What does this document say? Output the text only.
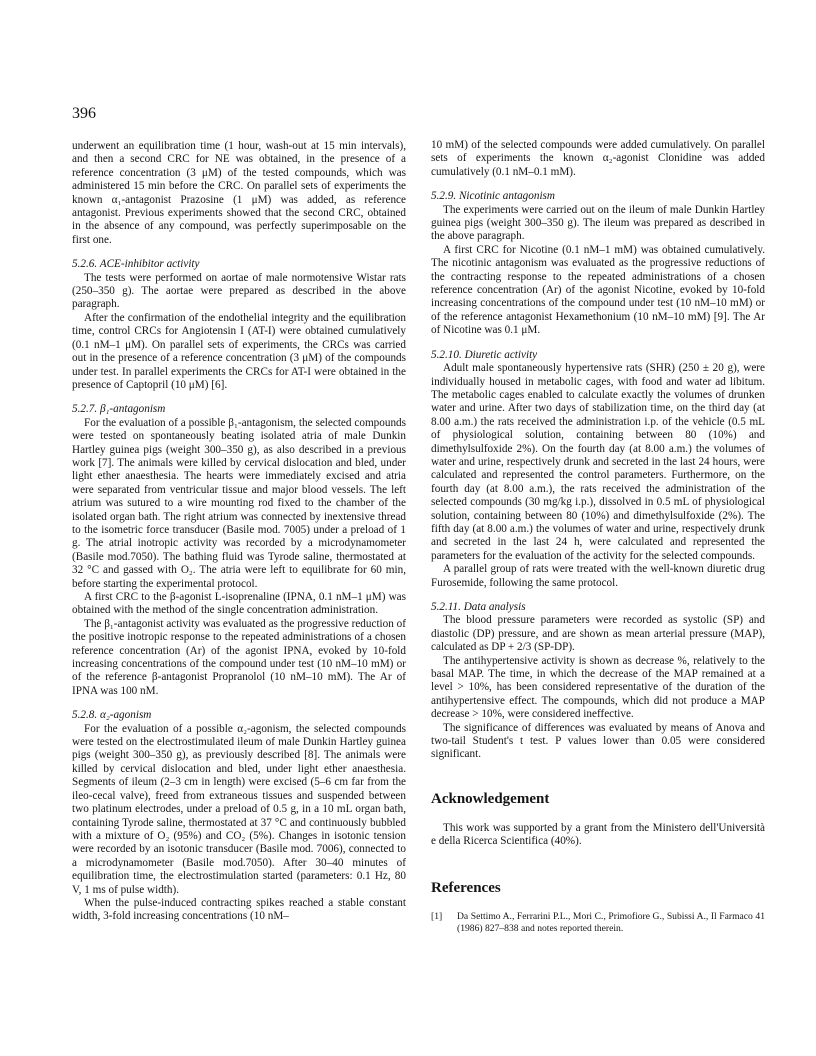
396

underwent an equilibration time (1 hour, wash-out at 15 min intervals), and then a second CRC for NE was obtained, in the presence of a reference concentration (3 μM) of the tested compounds, which was administered 15 min before the CRC. On parallel sets of experiments the known α₁-antagonist Prazosine (1 μM) was added, as reference antagonist. Previous experiments showed that the second CRC, obtained in the absence of any compound, was perfectly superimposable on the first one.

5.2.6. ACE-inhibitor activity

The tests were performed on aortae of male normotensive Wistar rats (250–350 g). The aortae were prepared as described in the above paragraph.

After the confirmation of the endothelial integrity and the equilibration time, control CRCs for Angiotensin I (AT-I) were obtained cumulatively (0.1 nM–1 μM). On parallel sets of experiments, the CRCs was carried out in the presence of a reference concentration (3 μM) of the compounds under test. In parallel experiments the CRCs for AT-I were obtained in the presence of Captopril (10 μM) [6].

5.2.7. β₁-antagonism

For the evaluation of a possible β₁-antagonism, the selected compounds were tested on spontaneously beating isolated atria of male Dunkin Hartley guinea pigs (weight 300–350 g), as also described in a previous work [7]. The animals were killed by cervical dislocation and bled, under light ether anaesthesia. The hearts were immediately excised and atria were separated from ventricular tissue and major blood vessels. The left atrium was sutured to a wire mounting rod fixed to the chamber of the isolated organ bath. The right atrium was connected by inextensive thread to the isometric force transducer (Basile mod. 7005) under a preload of 1 g. The atrial inotropic activity was recorded by a microdynamometer (Basile mod.7050). The bathing fluid was Tyrode saline, thermostated at 32 °C and gassed with O₂. The atria were left to equilibrate for 60 min, before starting the experimental protocol.

A first CRC to the β-agonist L-isoprenaline (IPNA, 0.1 nM–1 μM) was obtained with the method of the single concentration administration.

The β₁-antagonist activity was evaluated as the progressive reduction of the positive inotropic response to the repeated administrations of a chosen reference concentration (Ar) of the agonist IPNA, evoked by 10-fold increasing concentrations of the compound under test (10 nM–10 mM) or of the reference β-antagonist Propranolol (10 nM–10 mM). The Ar of IPNA was 100 nM.

5.2.8. α₂-agonism

For the evaluation of a possible α₂-agonism, the selected compounds were tested on the electrostimulated ileum of male Dunkin Hartley guinea pigs (weight 300–350 g), as previously described [8]. The animals were killed by cervical dislocation and bled, under light ether anaesthesia. Segments of ileum (2–3 cm in length) were excised (5–6 cm far from the ileo-cecal valve), freed from extraneous tissues and suspended between two platinum electrodes, under a preload of 0.5 g, in a 10 mL organ bath, containing Tyrode saline, thermostated at 37 °C and continuously bubbled with a mixture of O₂ (95%) and CO₂ (5%). Changes in isotonic tension were recorded by an isotonic transducer (Basile mod. 7006), connected to a microdynamometer (Basile mod.7050). After 30–40 minutes of equilibration time, the electrostimulation started (parameters: 0.1 Hz, 80 V, 1 ms of pulse width).

When the pulse-induced contracting spikes reached a stable constant width, 3-fold increasing concentrations (10 nM–

10 mM) of the selected compounds were added cumulatively. On parallel sets of experiments the known α₂-agonist Clonidine was added cumulatively (0.1 nM–0.1 mM).

5.2.9. Nicotinic antagonism

The experiments were carried out on the ileum of male Dunkin Hartley guinea pigs (weight 300–350 g). The ileum was prepared as described in the above paragraph.

A first CRC for Nicotine (0.1 nM–1 mM) was obtained cumulatively. The nicotinic antagonism was evaluated as the progressive reductions of the contracting response to the repeated administrations of a chosen reference concentration (Ar) of the agonist Nicotine, evoked by 10-fold increasing concentrations of the compound under test (10 nM–10 mM) or of the reference antagonist Hexamethonium (10 nM–10 mM) [9]. The Ar of Nicotine was 0.1 μM.

5.2.10. Diuretic activity

Adult male spontaneously hypertensive rats (SHR) (250 ± 20 g), were individually housed in metabolic cages, with food and water ad libitum. The metabolic cages enabled to calculate exactly the volumes of drunken water and urine. After two days of stabilization time, on the third day (at 8.00 a.m.) the rats received the administration i.p. of the vehicle (0.5 mL of physiological solution, containing between 80 (10%) and dimethylsulfoxide 2%). On the fourth day (at 8.00 a.m.) the volumes of water and urine, respectively drunk and secreted in the last 24 hours, were calculated and represented the control parameters. Furthermore, on the fourth day (at 8.00 a.m.), the rats received the administration of the selected compounds (30 mg/kg i.p.), dissolved in 0.5 mL of physiological solution, containing between 80 (10%) and dimethylsulfoxide (2%). The fifth day (at 8.00 a.m.) the volumes of water and urine, respectively drunk and secreted in the last 24 h, were calculated and represented the parameters for the evaluation of the activity for the selected compounds.

A parallel group of rats were treated with the well-known diuretic drug Furosemide, following the same protocol.

5.2.11. Data analysis

The blood pressure parameters were recorded as systolic (SP) and diastolic (DP) pressure, and are shown as mean arterial pressure (MAP), calculated as DP + 2/3 (SP-DP).

The antihypertensive activity is shown as decrease %, relatively to the basal MAP. The time, in which the decrease of the MAP remained at a level > 10%, has been considered representative of the duration of the antihypertensive effect. The compounds, which did not produce a MAP decrease > 10%, were considered ineffective.

The significance of differences was evaluated by means of Anova and two-tail Student's t test. P values lower than 0.05 were considered significant.

Acknowledgement

This work was supported by a grant from the Ministero dell'Università e della Ricerca Scientifica (40%).

References
[1]	Da Settimo A., Ferrarini P.L., Mori C., Primofiore G., Subissi A., Il Farmaco 41 (1986) 827–838 and notes reported therein.
